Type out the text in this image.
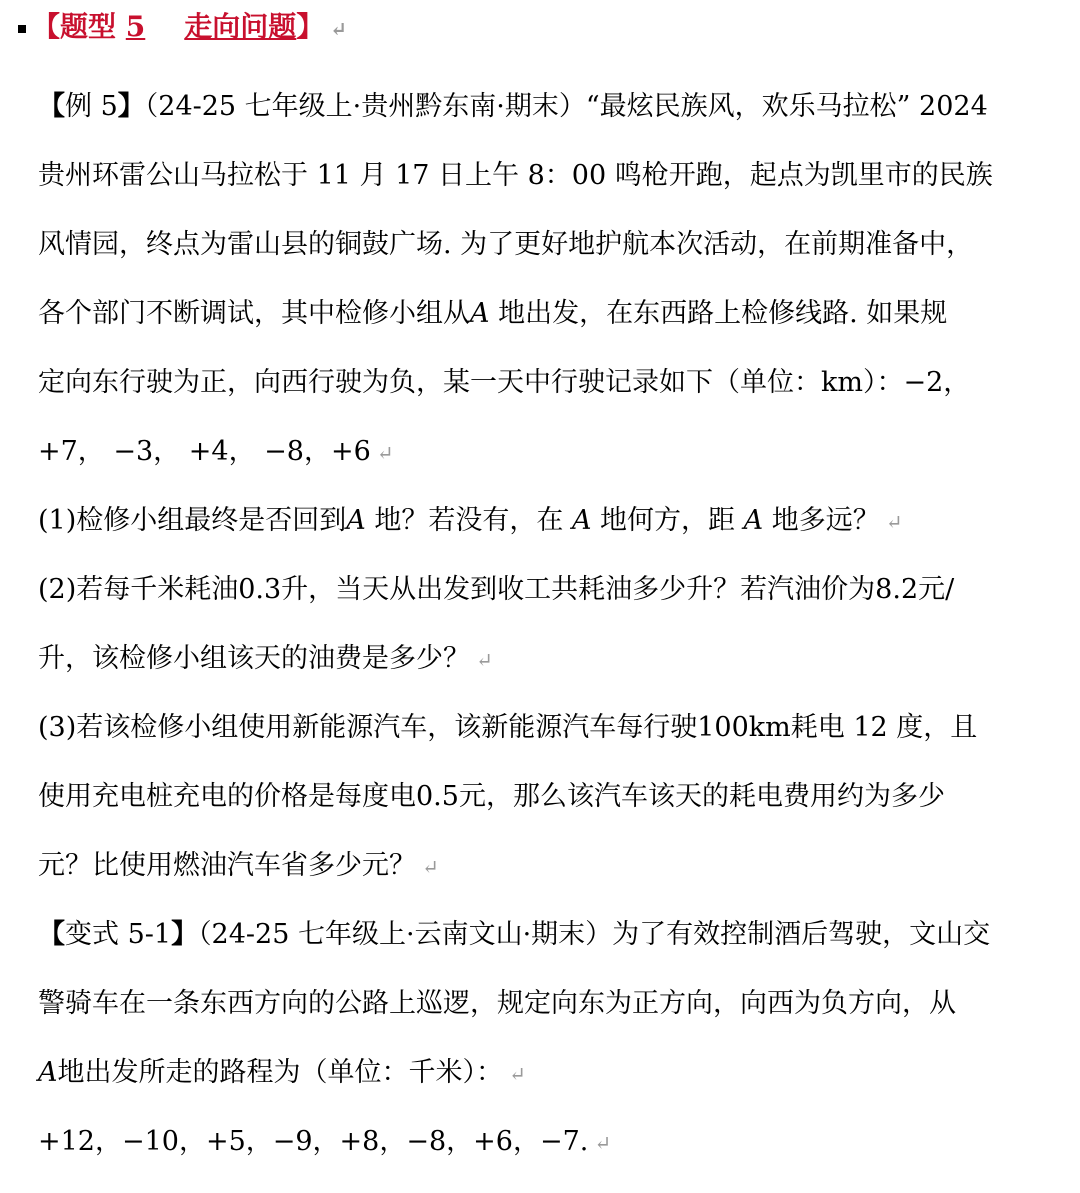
【题型 5 走向问题】 ↵
【例 5】（24-25 七年级上·贵州黔东南·期末）“最炫民族风，欢乐马拉松” 2024
贵州环雷公山马拉松于 11 月 17 日上午 8：00 鸣枪开跑，起点为凯里市的民族
风情园，终点为雷山县的铜鼓广场. 为了更好地护航本次活动，在前期准备中，
各个部门不断调试，其中检修小组从A 地出发，在东西路上检修线路. 如果规
定向东行驶为正，向西行驶为负，某一天中行驶记录如下（单位：km）：−2，
+7， −3， +4， −8，+6 ↵
(1)检修小组最终是否回到A 地？若没有，在 A 地何方，距 A 地多远？ ↵
(2)若每千米耗油0.3升，当天从出发到收工共耗油多少升？若汽油价为8.2元/
升，该检修小组该天的油费是多少？ ↵
(3)若该检修小组使用新能源汽车，该新能源汽车每行驶100km耗电 12 度，且
使用充电桩充电的价格是每度电0.5元，那么该汽车该天的耗电费用约为多少
元？比使用燃油汽车省多少元？ ↵
【变式 5-1】（24-25 七年级上·云南文山·期末）为了有效控制酒后驾驶，文山交
警骑车在一条东西方向的公路上巡逻，规定向东为正方向，向西为负方向，从
A地出发所走的路程为（单位：千米）： ↵
+12，−10，+5，−9，+8，−8，+6，−7. ↵
